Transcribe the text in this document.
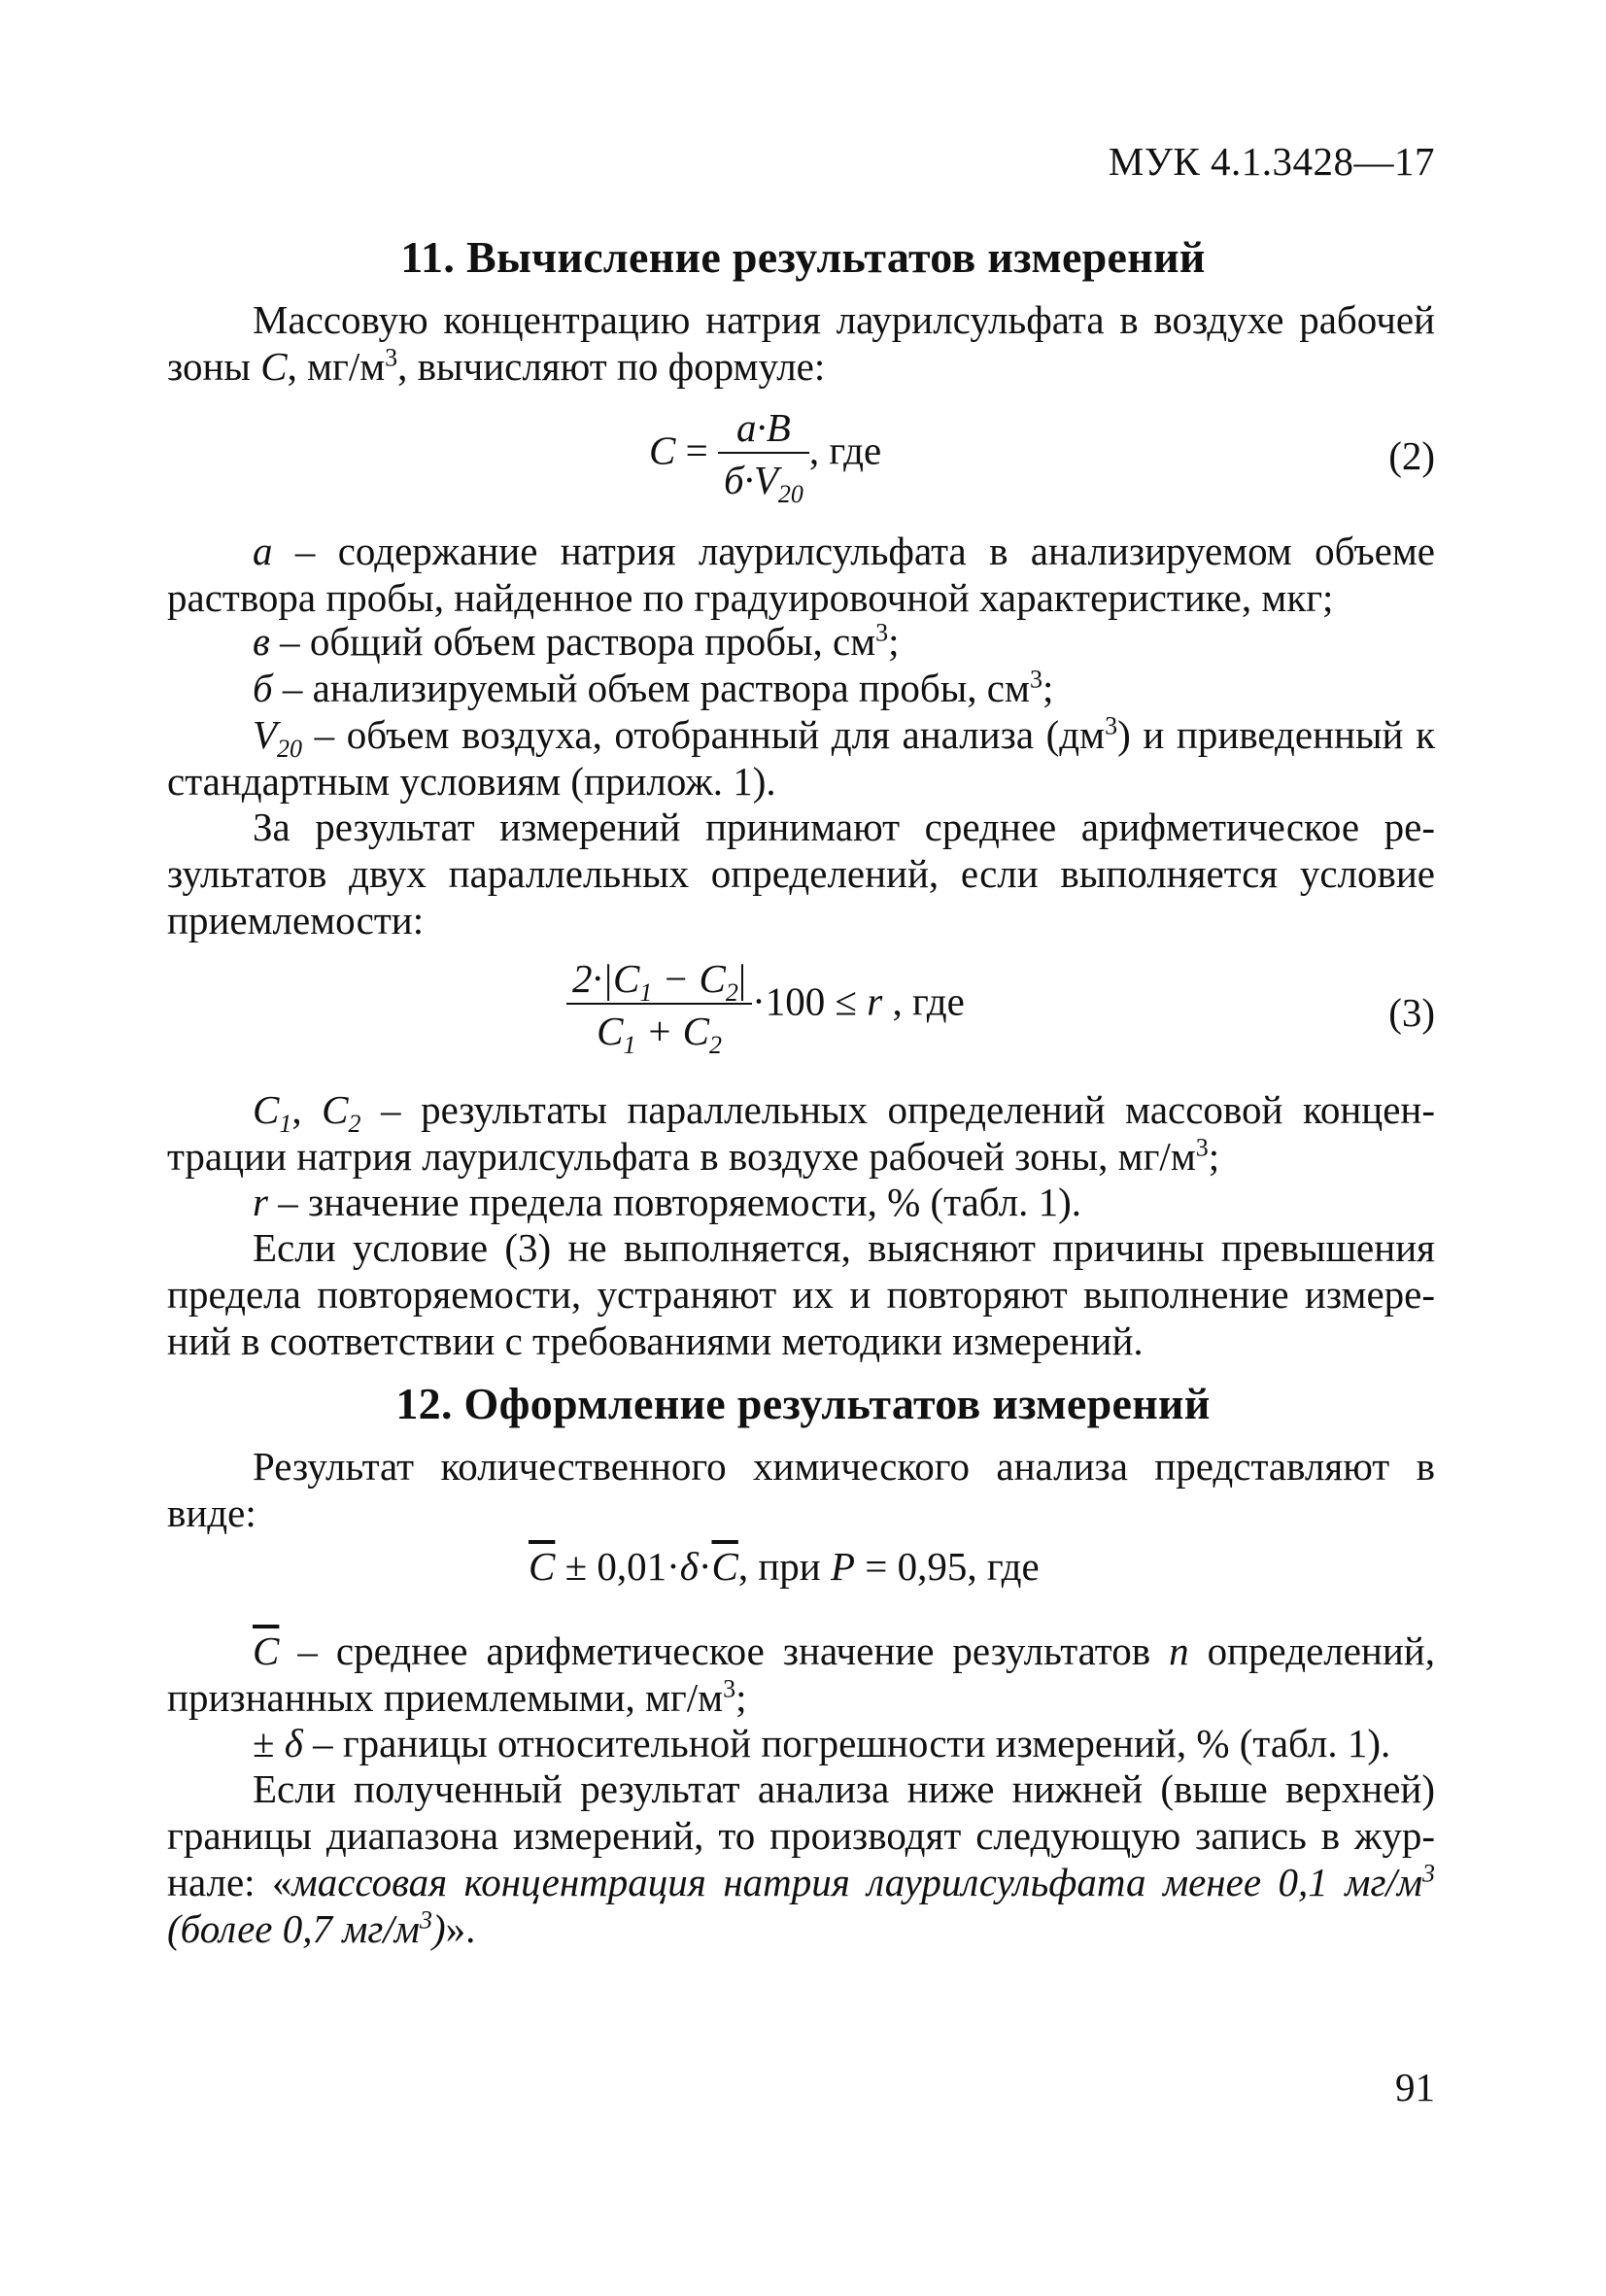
МУК 4.1.3428—17
11. Вычисление результатов измерений

Массовую концентрацию натрия лаурилсульфата в воздухе рабочей зоны C, $мг/м^3$, вычисляют по формуле:

$C = \frac{a\cdot B}{б\cdot V_{20}}$ , где	(2)

а – содержание натрия лаурилсульфата в анализируемом объеме раствора пробы, найденное по градуировочной характеристике, мкг;

в – общий объем раствора пробы, $см^3$;

б – анализируемый объем раствора пробы, $см^3$;

$V_{20}$ – объем воздуха, отобранный для анализа $(дм^3)$ и приведенный к стандартным условиям (прилож. 1).

За результат измерений принимают среднее арифметическое результатов двух параллельных определений, если выполняется условие приемлемости:

$\frac{2\cdot|C_1 - C_2|}{C_1 + C_2} \cdot 100 \le r$ , где	(3)

$C_1$, $C_2$ – результаты параллельных определений массовой концентрации натрия лаурилсульфата в воздухе рабочей зоны, $мг/м^3$;

r – значение предела повторяемости, % (табл. 1).

Если условие (3) не выполняется, выясняют причины превышения предела повторяемости, устраняют их и повторяют выполнение измерений в соответствии с требованиями методики измерений.

12. Оформление результатов измерений

Результат количественного химического анализа представляют в виде:

$\overline{C} \pm 0,01\cdot\delta\cdot\overline{C}$, при P = 0,95, где

$\overline{C}$ – среднее арифметическое значение результатов n определений, признанных приемлемыми, $мг/м^3$;

± δ – границы относительной погрешности измерений, % (табл. 1).

Если полученный результат анализа ниже нижней (выше верхней) границы диапазона измерений, то производят следующую запись в журнале: «массовая концентрация натрия лаурилсульфата менее 0,1 $мг/м^3$ (более 0,7 $мг/м^3$)».

91
